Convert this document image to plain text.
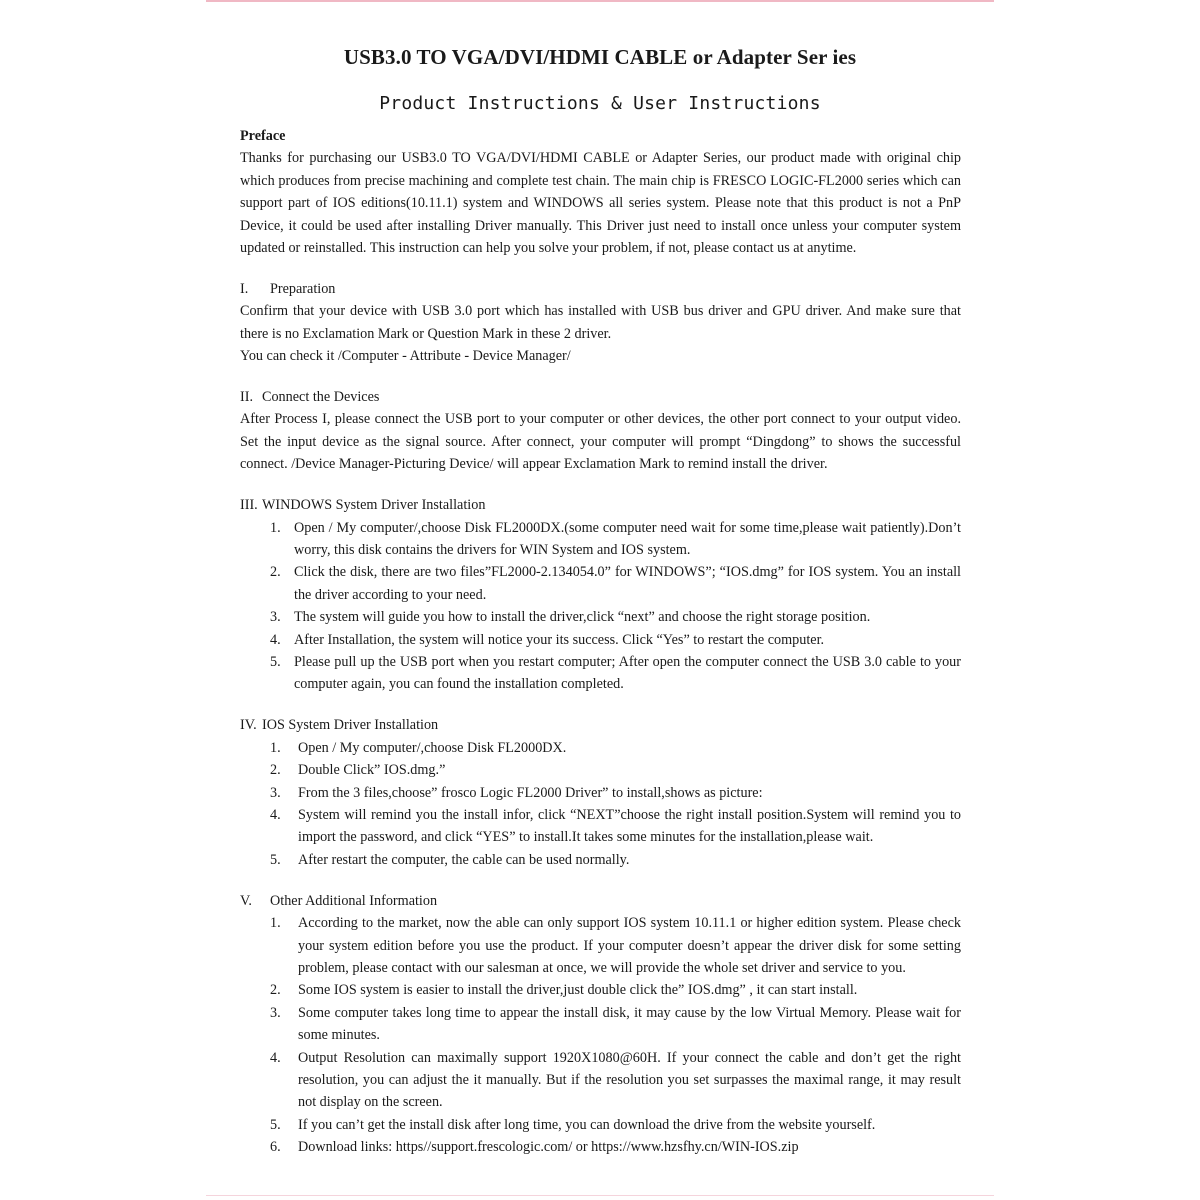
USB3.0 TO VGA/DVI/HDMI CABLE or Adapter Ser ies
Product Instructions & User Instructions
Preface
Thanks for purchasing our USB3.0 TO VGA/DVI/HDMI CABLE or Adapter Series, our product made with original chip which produces from precise machining and complete test chain. The main chip is FRESCO LOGIC-FL2000 series which can support part of IOS editions(10.11.1) system and WINDOWS all series system. Please note that this product is not a PnP Device, it could be used after installing Driver manually. This Driver just need to install once unless your computer system updated or reinstalled. This instruction can help you solve your problem, if not, please contact us at anytime.
I.	Preparation
Confirm that your device with USB 3.0 port which has installed with USB bus driver and GPU driver. And make sure that there is no Exclamation Mark or Question Mark in these 2 driver.
You can check it /Computer - Attribute - Device Manager/
II. Connect the Devices
After Process I, please connect the USB port to your computer or other devices, the other port connect to your output video. Set the input device as the signal source. After connect, your computer will prompt “Dingdong” to shows the successful connect. /Device Manager-Picturing Device/ will appear Exclamation Mark to remind install the driver.
III. WINDOWS System Driver Installation
1. Open / My computer/,choose Disk FL2000DX.(some computer need wait for some time,please wait patiently).Don’t worry, this disk contains the drivers for WIN System and IOS system.
2. Click the disk, there are two files”FL2000-2.134054.0” for WINDOWS”; “IOS.dmg” for IOS system. You an install the driver according to your need.
3. The system will guide you how to install the driver,click “next” and choose the right storage position.
4. After Installation, the system will notice your its success. Click “Yes” to restart the computer.
5. Please pull up the USB port when you restart computer; After open the computer connect the USB 3.0 cable to your computer again, you can found the installation completed.
IV. IOS System Driver Installation
1.	Open / My computer/,choose Disk FL2000DX.
2.	Double Click” IOS.dmg.”
3.	From the 3 files,choose” frosco Logic FL2000 Driver” to install,shows as picture:
4.	System will remind you the install infor, click “NEXT”choose the right install position.System will remind you to import the password, and click “YES” to install.It takes some minutes for the installation,please wait.
5.	After restart the computer, the cable can be used normally.
V.	Other Additional Information
1.	According to the market, now the able can only support IOS system 10.11.1 or higher edition system. Please check your system edition before you use the product. If your computer doesn’t appear the driver disk for some setting problem, please contact with our salesman at once, we will provide the whole set driver and service to you.
2.	Some IOS system is easier to install the driver,just double click the” IOS.dmg” , it can start install.
3.	Some computer takes long time to appear the install disk, it may cause by the low Virtual Memory. Please wait for some minutes.
4.	Output Resolution can maximally support 1920X1080@60H. If your connect the cable and don’t get the right resolution, you can adjust the it manually. But if the resolution you set surpasses the maximal range, it may result not display on the screen.
5.	If you can’t get the install disk after long time, you can download the drive from the website yourself.
6.	Download links: https//support.frescologic.com/ or https://www.hzsfhy.cn/WIN-IOS.zip
